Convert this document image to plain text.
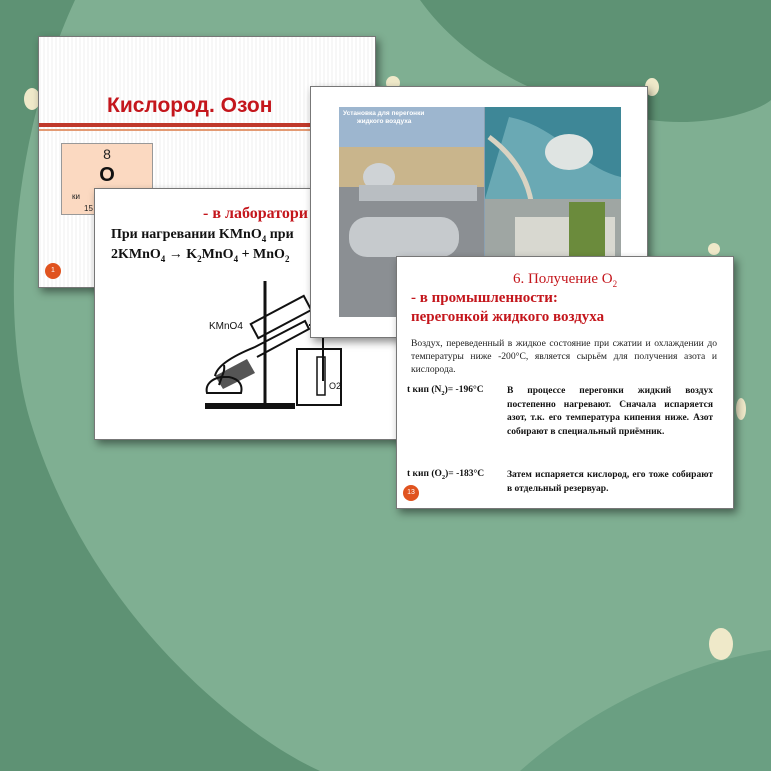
Кислород. Озон
8
O
ки
15
1
- в лаборатори
При нагревании KMnO$_4$ при
2KMnO$_4$ → $K_2MnO_4 + MnO_2$
KMnO4
O2
Установка для перегонки
жидкого воздуха
6. Получение $O_2$
- в промышленности:
перегонкой жидкого воздуха
Воздух, переведенный в жидкое состояние при сжатии и охлаждении до температуры ниже -200°С, является сырьём для получения азота и кислорода.
t кип $(N_2)= -196^\circ С$ В процессе перегонки жидкий воздух постепенно нагревают. Сначала испаряется азот, т.к. его температура кипения ниже. Азот собирают в специальный приёмник.
t кип $(O_2)= -183^\circ С$ Затем испаряется кислород, его тоже собирают в отдельный резервуар.
13
